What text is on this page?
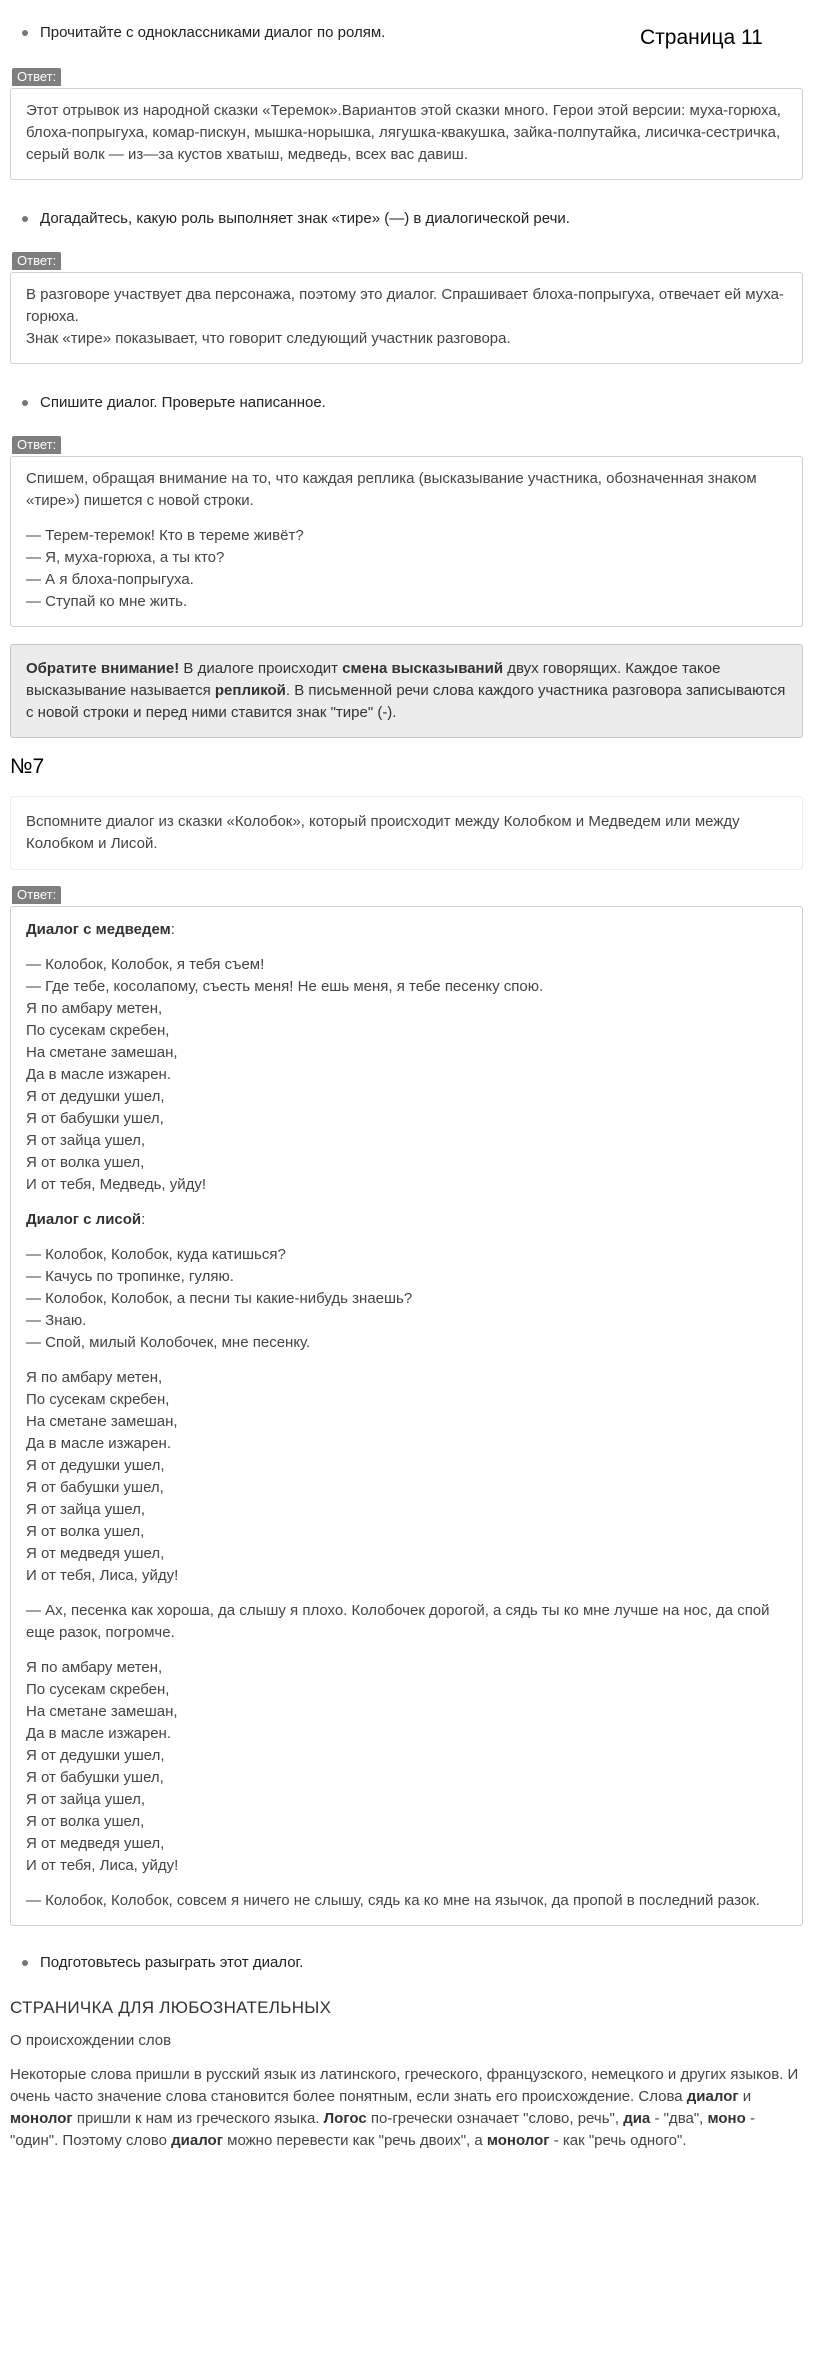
Страница 11
Прочитайте с одноклассниками диалог по ролям.
Ответ:
Этот отрывок из народной сказки «Теремок».Вариантов этой сказки много. Герои этой версии: муха-горюха, блоха-попрыгуха, комар-пискун, мышка-норышка, лягушка-квакушка, зайка-полпутайка, лисичка-сестричка, серый волк — из—за кустов хватыш, медведь, всех вас давиш.
Догадайтесь, какую роль выполняет знак «тире» (—) в диалогической речи.
Ответ:
В разговоре участвует два персонажа, поэтому это диалог. Спрашивает блоха-попрыгуха, отвечает ей муха-горюха.
Знак «тире» показывает, что говорит следующий участник разговора.
Спишите диалог. Проверьте написанное.
Ответ:
Спишем, обращая внимание на то, что каждая реплика (высказывание участника, обозначенная знаком «тире») пишется с новой строки.
— Терем-теремок! Кто в тереме живёт?
— Я, муха-горюха, а ты кто?
— А я блоха-попрыгуха.
— Ступай ко мне жить.
Обратите внимание! В диалоге происходит смена высказываний двух говорящих. Каждое такое высказывание называется репликой. В письменной речи слова каждого участника разговора записываются с новой строки и перед ними ставится знак "тире" (-).
№7
Вспомните диалог из сказки «Колобок», который происходит между Колобком и Медведем или между Колобком и Лисой.
Ответ:
Диалог с медведем:
— Колобок, Колобок, я тебя съем!
— Где тебе, косолапому, съесть меня! Не ешь меня, я тебе песенку спою.
Я по амбару метен,
По сусекам скребен,
На сметане замешан,
Да в масле изжарен.
Я от дедушки ушел,
Я от бабушки ушел,
Я от зайца ушел,
Я от волка ушел,
И от тебя, Медведь, уйду!
Диалог с лисой:
— Колобок, Колобок, куда катишься?
— Качусь по тропинке, гуляю.
— Колобок, Колобок, а песни ты какие-нибудь знаешь?
— Знаю.
— Спой, милый Колобочек, мне песенку.
Я по амбару метен,
По сусекам скребен,
На сметане замешан,
Да в масле изжарен.
Я от дедушки ушел,
Я от бабушки ушел,
Я от зайца ушел,
Я от волка ушел,
Я от медведя ушел,
И от тебя, Лиса, уйду!
— Ах, песенка как хороша, да слышу я плохо. Колобочек дорогой, а сядь ты ко мне лучше на нос, да спой еще разок, погромче.
Я по амбару метен,
По сусекам скребен,
На сметане замешан,
Да в масле изжарен.
Я от дедушки ушел,
Я от бабушки ушел,
Я от зайца ушел,
Я от волка ушел,
Я от медведя ушел,
И от тебя, Лиса, уйду!
— Колобок, Колобок, совсем я ничего не слышу, сядь ка ко мне на язычок, да пропой в последний разок.
Подготовьтесь разыграть этот диалог.
СТРАНИЧКА ДЛЯ ЛЮБОЗНАТЕЛЬНЫХ
О происхождении слов
Некоторые слова пришли в русский язык из латинского, греческого, французского, немецкого и других языков. И очень часто значение слова становится более понятным, если знать его происхождение. Слова диалог и монолог пришли к нам из греческого языка. Логос по-гречески означает "слово, речь", диа - "два", моно - "один". Поэтому слово диалог можно перевести как "речь двоих", а монолог - как "речь одного".
